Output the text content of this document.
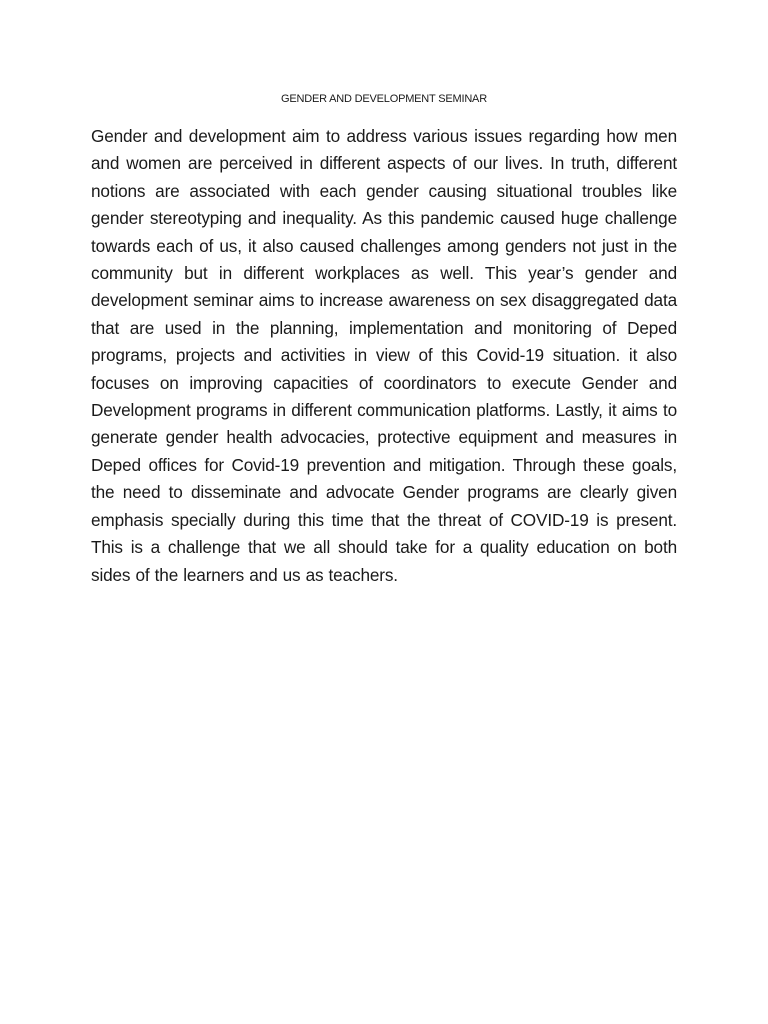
GENDER AND DEVELOPMENT SEMINAR

Gender and development aim to address various issues regarding how men and women are perceived in different aspects of our lives. In truth, different notions are associated with each gender causing situational troubles like gender stereotyping and inequality. As this pandemic caused huge challenge towards each of us, it also caused challenges among genders not just in the community but in different workplaces as well. This year’s gender and development seminar aims to increase awareness on sex disaggregated data that are used in the planning, implementation and monitoring of Deped programs, projects and activities in view of this Covid-19 situation. it also focuses on improving capacities of coordinators to execute Gender and Development programs in different communication platforms. Lastly, it aims to generate gender health advocacies, protective equipment and measures in Deped offices for Covid-19 prevention and mitigation. Through these goals, the need to disseminate and advocate Gender programs are clearly given emphasis specially during this time that the threat of COVID-19 is present. This is a challenge that we all should take for a quality education on both sides of the learners and us as teachers.
